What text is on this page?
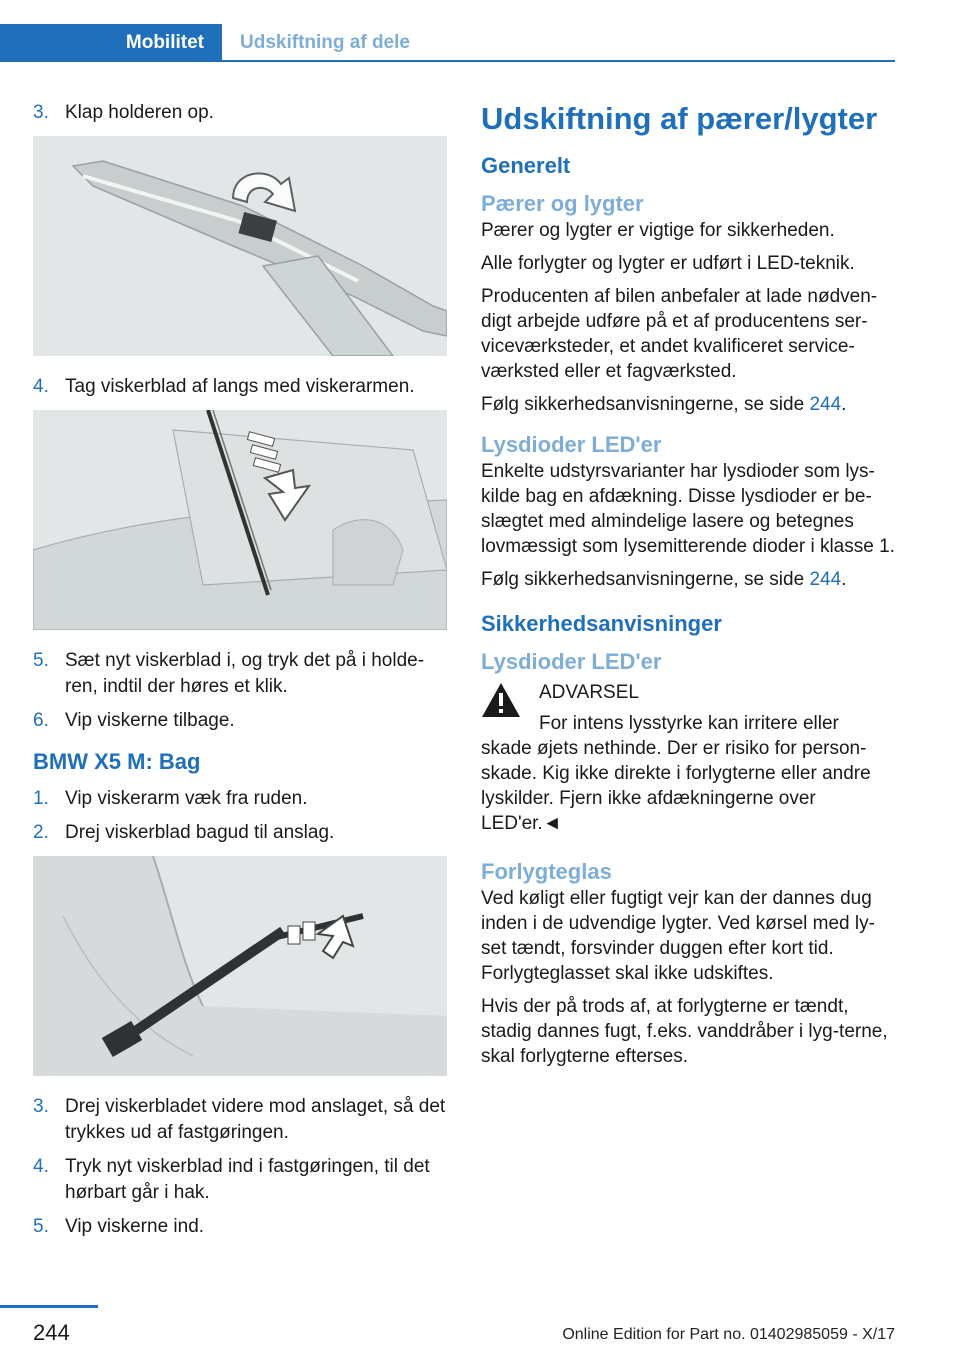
Mobilitet	Udskiftning af dele
3. Klap holderen op.
4. Tag viskerblad af langs med viskerarmen.
5. Sæt nyt viskerblad i, og tryk det på i holde-ren, indtil der høres et klik.
6. Vip viskerne tilbage.
BMW X5 M: Bag
1. Vip viskerarm væk fra ruden.
2. Drej viskerblad bagud til anslag.
3. Drej viskerbladet videre mod anslaget, så det trykkes ud af fastgøringen.
4. Tryk nyt viskerblad ind i fastgøringen, til det hørbart går i hak.
5. Vip viskerne ind.
Udskiftning af pærer/lygter
Generelt
Pærer og lygter

Pærer og lygter er vigtige for sikkerheden.

Alle forlygter og lygter er udført i LED-teknik.

Producenten af bilen anbefaler at lade nødven-digt arbejde udføre på et af producentens ser-viceværksteder, et andet kvalificeret service-værksted eller et fagværksted.

Følg sikkerhedsanvisningerne, se side 244.

Lysdioder LED'er

Enkelte udstyrsvarianter har lysdioder som lys-kilde bag en afdækning. Disse lysdioder er be-slægtet med almindelige lasere og betegnes lovmæssigt som lysemitterende dioder i klasse 1.

Følg sikkerhedsanvisningerne, se side 244.

Sikkerhedsanvisninger
Lysdioder LED'er
ADVARSEL
For intens lysstyrke kan irritere eller

skade øjets nethinde. Der er risiko for person-skade. Kig ikke direkte i forlygterne eller andre lyskilder. Fjern ikke afdækningerne over LED'er.◄

Forlygteglas

Ved køligt eller fugtigt vejr kan der dannes dug inden i de udvendige lygter. Ved kørsel med ly-set tændt, forsvinder duggen efter kort tid. Forlygteglasset skal ikke udskiftes.

Hvis der på trods af, at forlygterne er tændt, stadig dannes fugt, f.eks. vanddråber i lyg-terne, skal forlygterne efterses.

244	Online Edition for Part no. 01402985059 - X/17
